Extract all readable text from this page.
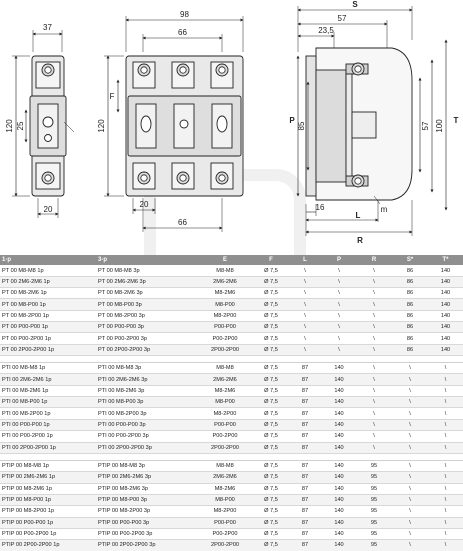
37
120 25
20
98
66
F
120
20
66
S
57
23,5
P
85	57 100 T
16	m
L
R
1-p	3-p	E	F	L	P	R	S*	T*
PT 00 M8-M8 1p	PT 00 M8-M8 3p	M8-M8	Ø 7,5	\	\	\	86	140
PT 00 2M6-2M6 1p	PT 00 2M6-2M6 3p	2M6-2M6	Ø 7,5	\	\	\	86	140
PT 00 M8-2M6 1p	PT 00 M8-2M6 3p	M8-2M6	Ø 7,5	\	\	\	86	140
PT 00 M8-P00 1p	PT 00 M8-P00 3p	M8-P00	Ø 7,5	\	\	\	86	140
PT 00 M8-2P00 1p	PT 00 M8-2P00 3p	M8-2P00	Ø 7,5	\	\	\	86	140
PT 00 P00-P00 1p	PT 00 P00-P00 3p	P00-P00	Ø 7,5	\	\	\	86	140
PT 00 P00-2P00 1p	PT 00 P00-2P00 3p	P00-2P00	Ø 7,5	\	\	\	86	140
PT 00 2P00-2P00 1p	PT 00 2P00-2P00 3p	2P00-2P00	Ø 7,5	\	\	\	86	140

PTI 00 M8-M8 1p	PTI 00 M8-M8 3p	M8-M8	Ø 7,5	87	140	\	\	\
PTI 00 2M6-2M6 1p	PTI 00 2M6-2M6 3p	2M6-2M6	Ø 7,5	87	140	\	\	\
PTI 00 M8-2M6 1p	PTI 00 M8-2M6 3p	M8-2M6	Ø 7,5	87	140	\	\	\
PTI 00 M8-P00 1p	PTI 00 M8-P00 3p	M8-P00	Ø 7,5	87	140	\	\	\
PTI 00 M8-2P00 1p	PTI 00 M8-2P00 3p	M8-2P00	Ø 7,5	87	140	\	\	\
PTI 00 P00-P00 1p	PTI 00 P00-P00 3p	P00-P00	Ø 7,5	87	140	\	\	\
PTI 00 P00-2P00 1p	PTI 00 P00-2P00 3p	P00-2P00	Ø 7,5	87	140	\	\	\
PTI 00 2P00-2P00 1p	PTI 00 2P00-2P00 3p	2P00-2P00	Ø 7,5	87	140	\	\	\

PTIP 00 M8-M8 1p	PTIP 00 M8-M8 3p	M8-M8	Ø 7,5	87	140	95	\	\
PTIP 00 2M6-2M6 1p	PTIP 00 2M6-2M6 3p	2M6-2M6	Ø 7,5	87	140	95	\	\
PTIP 00 M8-2M6 1p	PTIP 00 M8-2M6 3p	M8-2M6	Ø 7,5	87	140	95	\	\
PTIP 00 M8-P00 1p	PTIP 00 M8-P00 3p	M8-P00	Ø 7,5	87	140	95	\	\
PTIP 00 M8-2P00 1p	PTIP 00 M8-2P00 3p	M8-2P00	Ø 7,5	87	140	95	\	\
PTIP 00 P00-P00 1p	PTIP 00 P00-P00 3p	P00-P00	Ø 7,5	87	140	95	\	\
PTIP 00 P00-2P00 1p	PTIP 00 P00-2P00 3p	P00-2P00	Ø 7,5	87	140	95	\	\
PTIP 00 2P00-2P00 1p	PTIP 00 2P00-2P00 3p	2P00-2P00	Ø 7,5	87	140	95	\	\
